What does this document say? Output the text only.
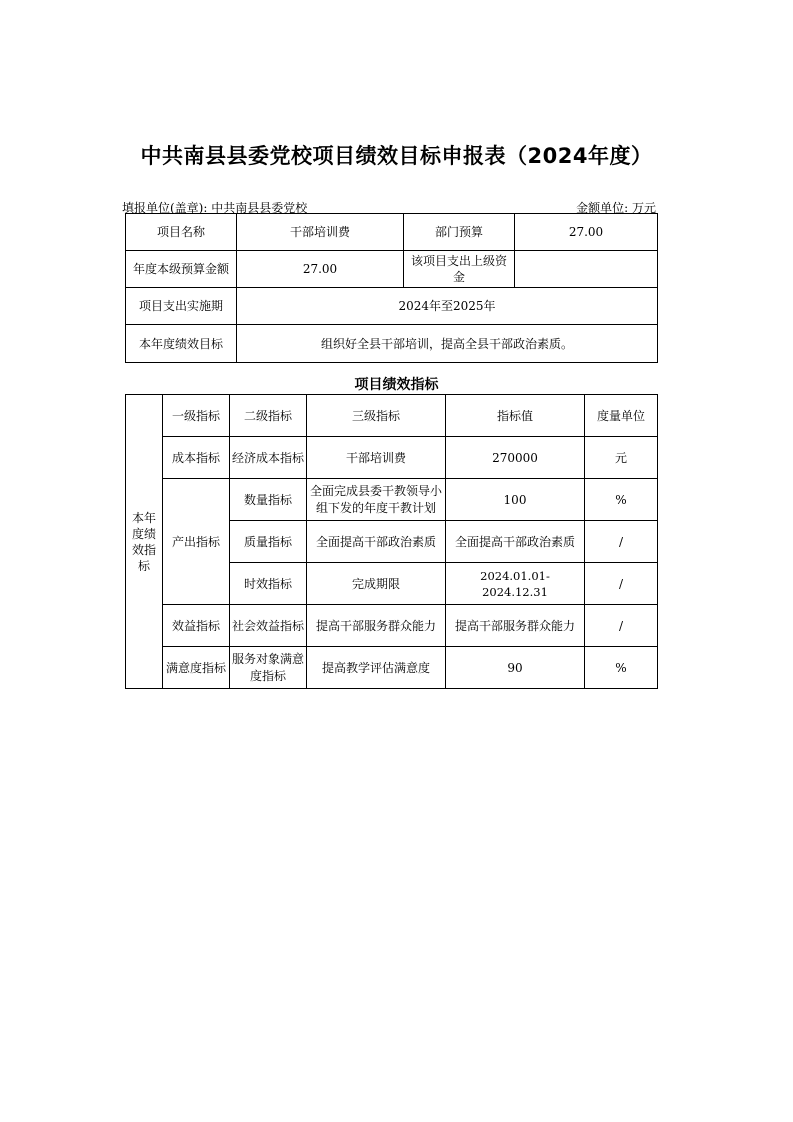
中共南县县委党校项目绩效目标申报表（2024年度）
填报单位(盖章): 中共南县县委党校	金额单位: 万元
项目名称	干部培训费	部门预算	27.00
年度本级预算金额	27.00	该项目支出上级资金	
项目支出实施期	2024年至2025年		
本年度绩效目标	组织好全县干部培训，提高全县干部政治素质。		
项目绩效指标
本年度绩效指标	一级指标	二级指标	三级指标	指标值	度量单位
	成本指标	经济成本指标	干部培训费	270000	元
	产出指标	数量指标	全面完成县委干教领导小组下发的年度干教计划	100	%
		质量指标	全面提高干部政治素质	全面提高干部政治素质	/
		时效指标	完成期限	2024.01.01-2024.12.31	/
	效益指标	社会效益指标	提高干部服务群众能力	提高干部服务群众能力	/
	满意度指标	服务对象满意度指标	提高教学评估满意度	90	%
